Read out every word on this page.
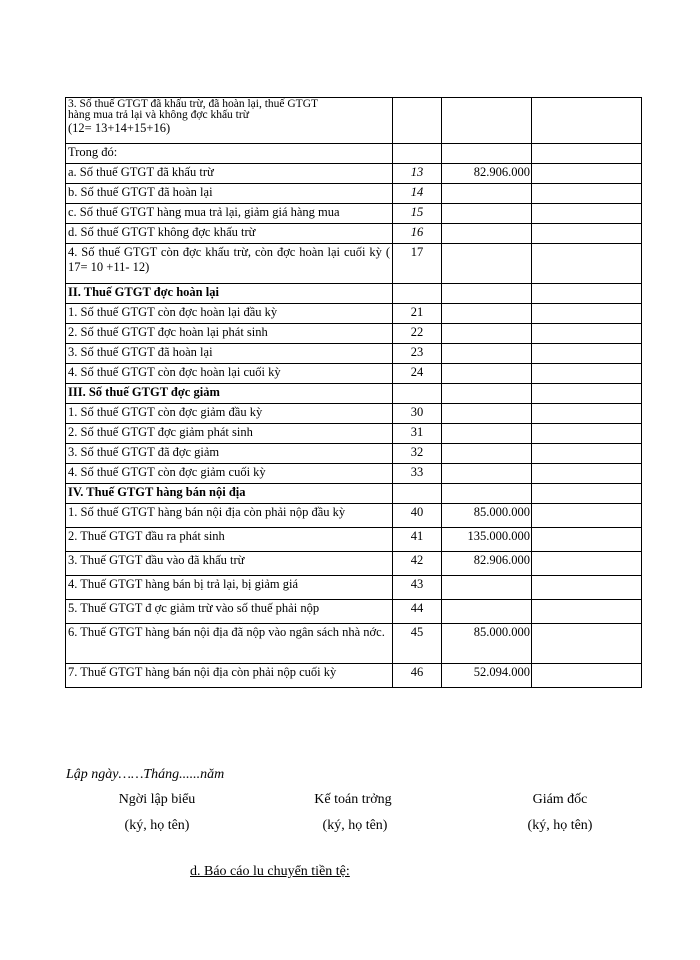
3. Số thuế GTGT đã khấu trừ, đã hoàn lại, thuế GTGT
hàng mua trả lại và không đợc khấu trừ
(12= 13+14+15+16)			

Trong đó:			
a. Số thuế GTGT đã khấu trừ	13	82.906.000	
b. Số thuế GTGT đã hoàn lại	14		
c. Số thuế GTGT hàng mua trả lại, giảm giá hàng mua	15		
d. Số thuế GTGT không đợc khấu trừ	16		
4. Số thuế GTGT còn đợc khấu trừ, còn đợc hoàn lại cuối kỳ ( 17= 10 +11- 12)	17		
II. Thuế GTGT đợc hoàn lại			
1. Số thuế GTGT còn đợc hoàn lại đầu kỳ	21		
2. Số thuế GTGT đợc hoàn lại phát sinh	22		
3. Số thuế GTGT đã hoàn lại	23		
4. Số thuế GTGT còn đợc hoàn lại cuối kỳ	24		
III. Số thuế GTGT đợc giảm			
1. Số thuế GTGT còn đợc giảm đầu kỳ	30		
2. Số thuế GTGT đợc giảm phát sinh	31		
3. Số thuế GTGT đã đợc giảm	32		
4. Số thuế GTGT còn đợc giảm cuối kỳ	33		
IV. Thuế GTGT hàng bán nội địa			
1. Số thuế GTGT hàng bán nội địa còn phải nộp đầu kỳ	40	85.000.000	
2. Thuế GTGT đầu ra phát sinh	41	135.000.000	
3. Thuế GTGT đầu vào đã khấu trừ	42	82.906.000	
4. Thuế GTGT hàng bán bị trả lại, bị giảm giá	43		
5. Thuế GTGT đ ợc giảm trừ vào số thuế phải nộp	44		
6. Thuế GTGT hàng bán nội địa đã nộp vào ngân sách nhà nớc.	45	85.000.000	
7. Thuế GTGT hàng bán nội địa còn phải nộp cuối kỳ	46	52.094.000	
Lập ngày……Tháng......năm
Ngời lập biểu
(ký, họ tên)
Kế toán trởng
(ký, họ tên)
Giám đốc
(ký, họ tên)
d. Báo cáo lu chuyển tiền tệ:
